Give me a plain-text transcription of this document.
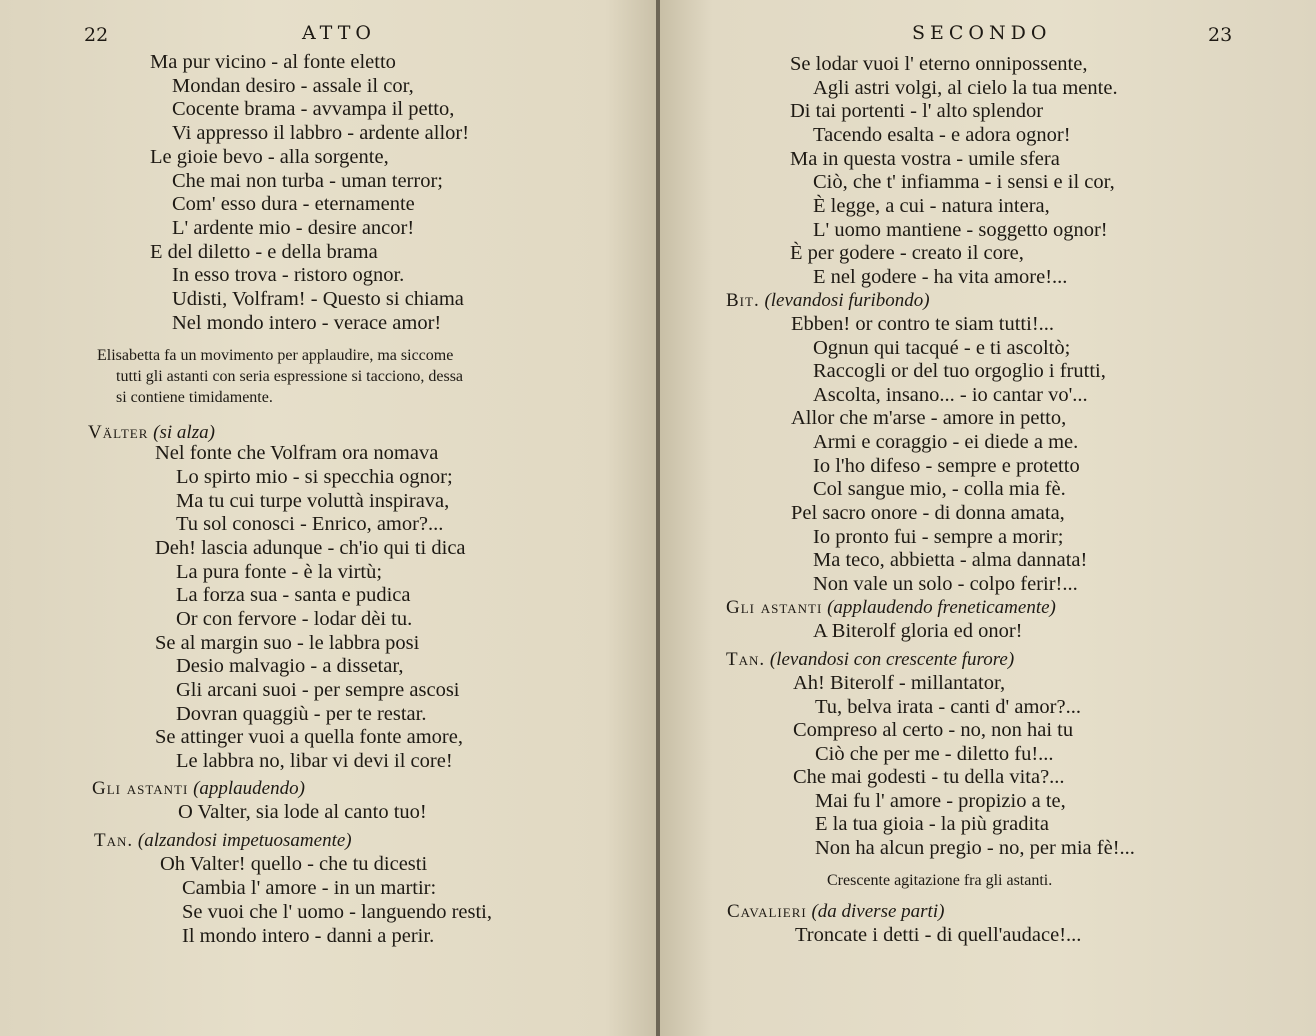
22	ATTO
Ma pur vicino - al fonte eletto
Mondan desiro - assale il cor,
Cocente brama - avvampa il petto,
Vi appresso il labbro - ardente allor!
Le gioie bevo - alla sorgente,
Che mai non turba - uman terror;
Com' esso dura - eternamente
L' ardente mio - desire ancor!
E del diletto - e della brama
In esso trova - ristoro ognor.
Udisti, Volfram! - Questo si chiama
Nel mondo intero - verace amor!
Elisabetta fa un movimento per applaudire, ma siccome
tutti gli astanti con seria espressione si tacciono, dessa
si contiene timidamente.
Välter (si alza)
Nel fonte che Volfram ora nomava
Lo spirto mio - si specchia ognor;
Ma tu cui turpe voluttà inspirava,
Tu sol conosci - Enrico, amor?...
Deh! lascia adunque - ch'io qui ti dica
La pura fonte - è la virtù;
La forza sua - santa e pudica
Or con fervore - lodar dèi tu.
Se al margin suo - le labbra posi
Desio malvagio - a dissetar,
Gli arcani suoi - per sempre ascosi
Dovran quaggiù - per te restar.
Se attinger vuoi a quella fonte amore,
Le labbra no, libar vi devi il core!
Gli astanti (applaudendo)
O Valter, sia lode al canto tuo!
Tan. (alzandosi impetuosamente)
Oh Valter! quello - che tu dicesti
Cambia l' amore - in un martir:
Se vuoi che l' uomo - languendo resti,
Il mondo intero - danni a perir.
SECONDO	23
Se lodar vuoi l' eterno onnipossente,
Agli astri volgi, al cielo la tua mente.
Di tai portenti - l' alto splendor
Tacendo esalta - e adora ognor!
Ma in questa vostra - umile sfera
Ciò, che t' infiamma - i sensi e il cor,
È legge, a cui - natura intera,
L' uomo mantiene - soggetto ognor!
È per godere - creato il core,
E nel godere - ha vita amore!...
Bit. (levandosi furibondo)
Ebben! or contro te siam tutti!...
Ognun qui tacqué - e ti ascoltò;
Raccogli or del tuo orgoglio i frutti,
Ascolta, insano... - io cantar vo'...
Allor che m'arse - amore in petto,
Armi e coraggio - ei diede a me.
Io l'ho difeso - sempre e protetto
Col sangue mio, - colla mia fè.
Pel sacro onore - di donna amata,
Io pronto fui - sempre a morir;
Ma teco, abbietta - alma dannata!
Non vale un solo - colpo ferir!...
Gli astanti (applaudendo freneticamente)
A Biterolf gloria ed onor!
Tan. (levandosi con crescente furore)
Ah! Biterolf - millantator,
Tu, belva irata - canti d' amor?...
Compreso al certo - no, non hai tu
Ciò che per me - diletto fu!...
Che mai godesti - tu della vita?...
Mai fu l' amore - propizio a te,
E la tua gioia - la più gradita
Non ha alcun pregio - no, per mia fè!...
Crescente agitazione fra gli astanti.
Cavalieri (da diverse parti)
Troncate i detti - di quell'audace!...
